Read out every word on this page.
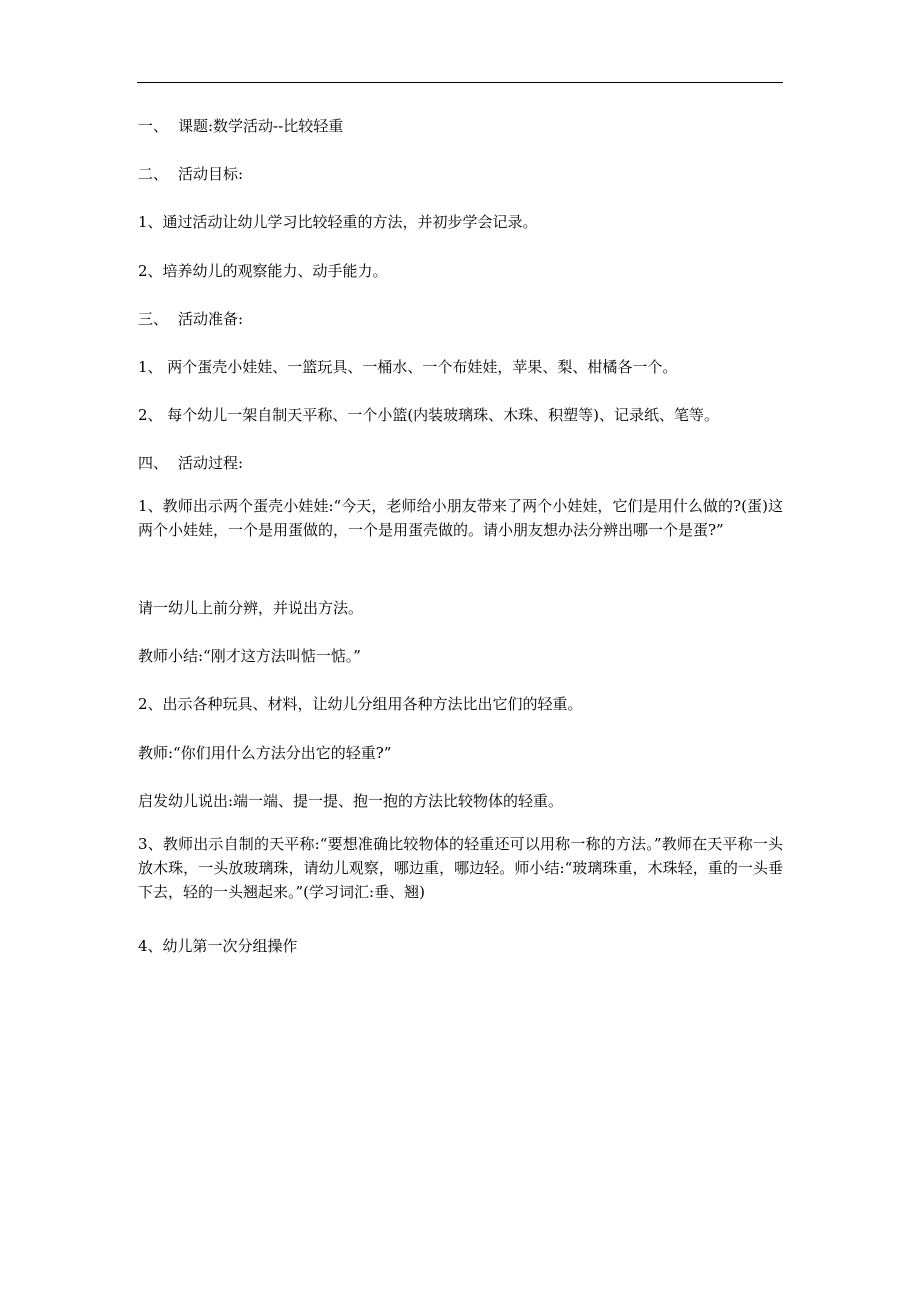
一、 课题:数学活动--比较轻重
二、 活动目标:
1、通过活动让幼儿学习比较轻重的方法，并初步学会记录。
2、培养幼儿的观察能力、动手能力。
三、 活动准备:
1、 两个蛋壳小娃娃、一篮玩具、一桶水、一个布娃娃，苹果、梨、柑橘各一个。
2、 每个幼儿一架自制天平称、一个小篮(内装玻璃珠、木珠、积塑等)、记录纸、笔等。
四、 活动过程:
1、教师出示两个蛋壳小娃娃:“今天，老师给小朋友带来了两个小娃娃，它们是用什么做的?(蛋)这两个小娃娃，一个是用蛋做的，一个是用蛋壳做的。请小朋友想办法分辨出哪一个是蛋?”
请一幼儿上前分辨，并说出方法。
教师小结:“刚才这方法叫惦一惦。”
2、出示各种玩具、材料，让幼儿分组用各种方法比出它们的轻重。
教师:“你们用什么方法分出它的轻重?”
启发幼儿说出:端一端、提一提、抱一抱的方法比较物体的轻重。
3、教师出示自制的天平称:“要想准确比较物体的轻重还可以用称一称的方法。”教师在天平称一头放木珠，一头放玻璃珠，请幼儿观察，哪边重，哪边轻。师小结:“玻璃珠重，木珠轻，重的一头垂下去，轻的一头翘起来。”(学习词汇:垂、翘)
4、幼儿第一次分组操作
